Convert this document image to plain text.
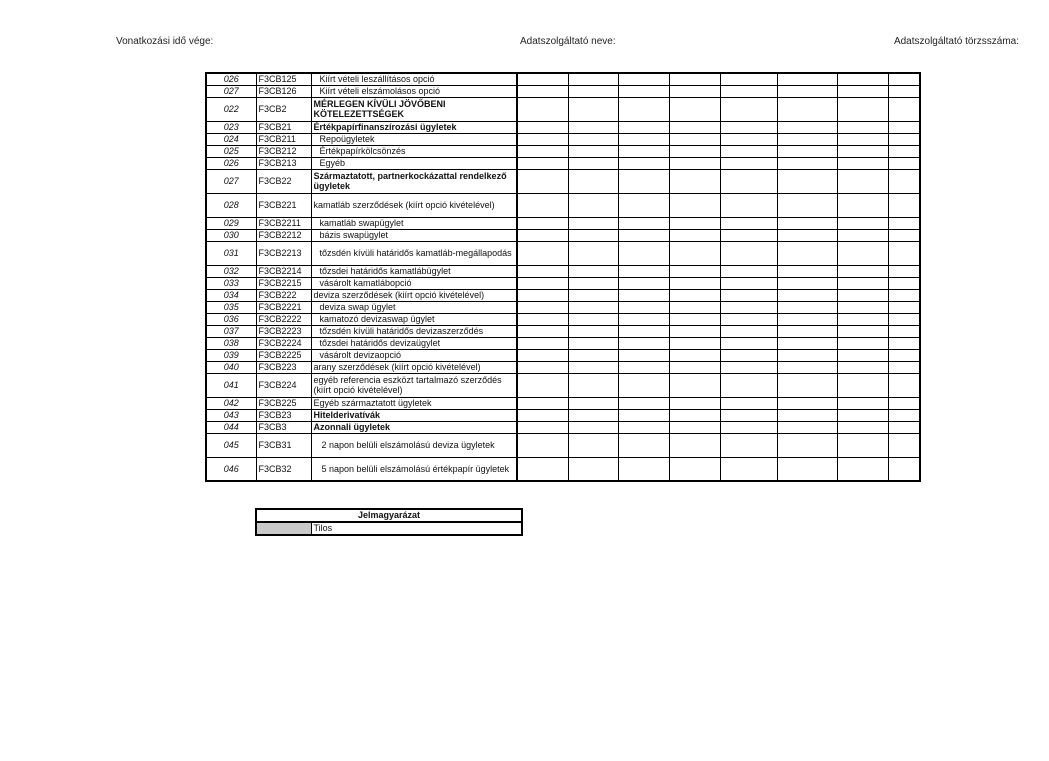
Vonatkozási idő vége:	Adatszolgáltató neve:	Adatszolgáltató törzsszáma:
026	F3CB125	Kiírt vételi leszállításos opció								
027	F3CB126	Kiírt vételi elszámolásos opció								
022	F3CB2	MÉRLEGEN KÍVÜLI JÖVŐBENI KÖTELEZETTSÉGEK								
023	F3CB21	Értékpapírfinanszírozási ügyletek								
024	F3CB211	Repoügyletek								
025	F3CB212	Értékpapírkölcsönzés								
026	F3CB213	Egyéb								
027	F3CB22	Származtatott, partnerkockázattal rendelkező ügyletek								
028	F3CB221	kamatláb szerződések (kiírt opció kivételével)								
029	F3CB2211	kamatláb swapügylet								
030	F3CB2212	bázis swapügylet								
031	F3CB2213	tőzsdén kívüli határidős kamatláb-megállapodás								
032	F3CB2214	tőzsdei határidős kamatlábügylet								
033	F3CB2215	vásárolt kamatlábopció								
034	F3CB222	deviza szerződések (kiírt opció kivételével)								
035	F3CB2221	deviza swap ügylet								
036	F3CB2222	kamatozó devizaswap ügylet								
037	F3CB2223	tőzsdén kívüli határidős devizaszerződés								
038	F3CB2224	tőzsdei határidős devizaügylet								
039	F3CB2225	vásárolt devizaopció								
040	F3CB223	arany szerződések (kiírt opció kivételével)								
041	F3CB224	egyéb referencia eszközt tartalmazó szerződés (kiírt opció kivételével)								
042	F3CB225	Egyéb származtatott ügyletek								
043	F3CB23	Hitelderivatívák								
044	F3CB3	Azonnali ügyletek								
045	F3CB31	2 napon belüli elszámolású deviza ügyletek								
046	F3CB32	5 napon belüli elszámolású értékpapír ügyletek								
Jelmagyarázat
	Tilos
